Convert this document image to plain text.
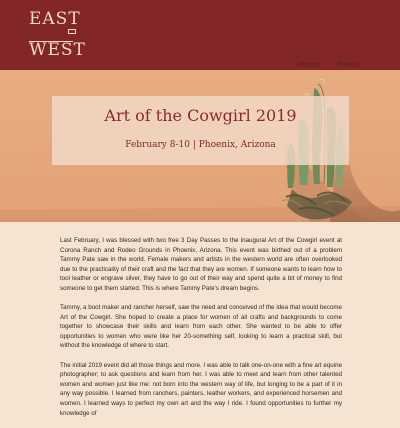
EAST
WEST
Photos Travels
Art of the Cowgirl 2019
February 8-10 | Phoenix, Arizona
Last February, I was blessed with two free 3 Day Passes to the inaugural Art of the Cowgirl event at Corona Ranch and Rodeo Grounds in Phoenix, Arizona. This event was birthed out of a problem Tammy Pate saw in the world. Female makers and artists in the western world are often overlooked due to the practicality of their craft and the fact that they are women. If someone wants to learn how to tool leather or engrave silver, they have to go out of their way and spend quite a bit of money to find someone to get them started. This is where Tammy Pate's dream begins.
Tammy, a boot maker and rancher herself, saw the need and conceived of the idea that would become Art of the Cowgirl. She hoped to create a place for women of all crafts and backgrounds to come together to showcase their skills and learn from each other. She wanted to be able to offer opportunities to women who were like her 20-something self, looking to learn a practical skill, but without the knowledge of where to start.
The initial 2019 event did all those things and more. I was able to talk one-on-one with a fine art equine photographer; to ask questions and learn from her. I was able to meet and learn from other talented women and women just like me: not born into the western way of life, but longing to be a part of it in any way possible. I learned from ranchers, painters, leather workers, and experienced horsemen and women. I learned ways to perfect my own art and the way I ride. I found opportunities to further my knowledge of
